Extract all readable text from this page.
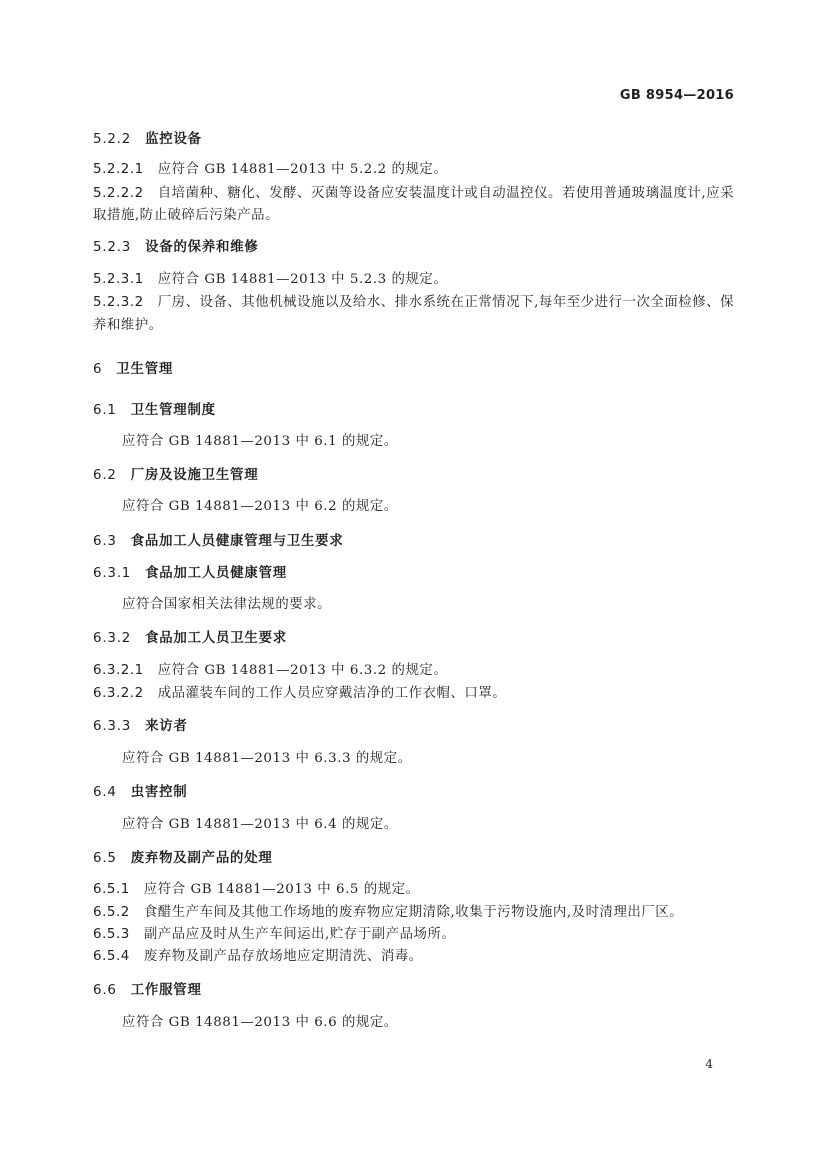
GB 8954—2016
5.2.2 监控设备
5.2.2.1 应符合 GB 14881—2013 中 5.2.2 的规定。
5.2.2.2 自培菌种、糖化、发酵、灭菌等设备应安装温度计或自动温控仪。若使用普通玻璃温度计,应采
取措施,防止破碎后污染产品。
5.2.3 设备的保养和维修
5.2.3.1 应符合 GB 14881—2013 中 5.2.3 的规定。
5.2.3.2 厂房、设备、其他机械设施以及给水、排水系统在正常情况下,每年至少进行一次全面检修、保
养和维护。
6 卫生管理
6.1 卫生管理制度
应符合 GB 14881—2013 中 6.1 的规定。
6.2 厂房及设施卫生管理
应符合 GB 14881—2013 中 6.2 的规定。
6.3 食品加工人员健康管理与卫生要求
6.3.1 食品加工人员健康管理
应符合国家相关法律法规的要求。
6.3.2 食品加工人员卫生要求
6.3.2.1 应符合 GB 14881—2013 中 6.3.2 的规定。
6.3.2.2 成品灌装车间的工作人员应穿戴洁净的工作衣帽、口罩。
6.3.3 来访者
应符合 GB 14881—2013 中 6.3.3 的规定。
6.4 虫害控制
应符合 GB 14881—2013 中 6.4 的规定。
6.5 废弃物及副产品的处理
6.5.1 应符合 GB 14881—2013 中 6.5 的规定。
6.5.2 食醋生产车间及其他工作场地的废弃物应定期清除,收集于污物设施内,及时清理出厂区。
6.5.3 副产品应及时从生产车间运出,贮存于副产品场所。
6.5.4 废弃物及副产品存放场地应定期清洗、消毒。
6.6 工作服管理
应符合 GB 14881—2013 中 6.6 的规定。
4
